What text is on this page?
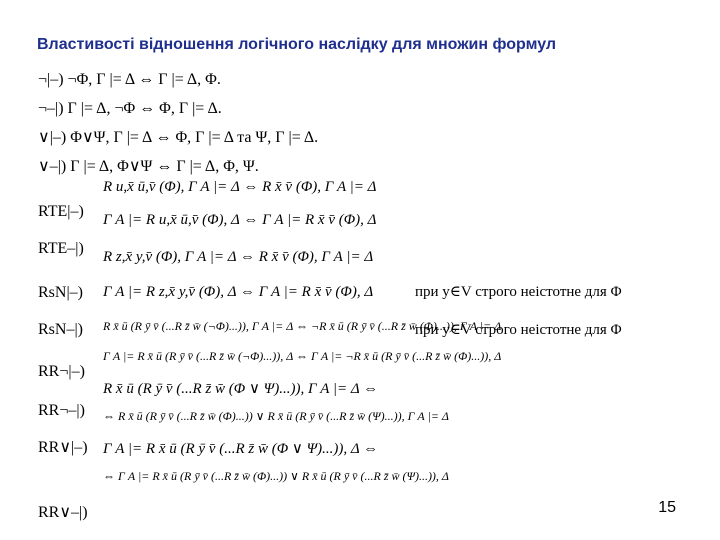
Властивості відношення логічного наслідку для множин формул
¬|–) ¬Φ, Γ |= Δ ⇔ Γ |= Δ, Φ.
¬–|) Γ |= Δ, ¬Φ ⇔ Φ, Γ |= Δ.
∨|–) Φ∨Ψ, Γ |= Δ ⇔ Φ, Γ |= Δ та Ψ, Γ |= Δ.
∨–|) Γ |= Δ, Φ∨Ψ ⇔ Γ |= Δ, Φ, Ψ.
RTE|–)
RTE–|)
RsN|–)
RsN–|)
RR¬|–)
RR¬–|)
RR∨|–)
RR∨–|)
R u,x̄ ū,v̄ (Φ), Γ A |= Δ ⇔ R x̄ v̄ (Φ), Γ A |= Δ
Γ A |= R u,x̄ ū,v̄ (Φ), Δ ⇔ Γ A |= R x̄ v̄ (Φ), Δ
R z,x̄ y,v̄ (Φ), Γ A |= Δ ⇔ R x̄ v̄ (Φ), Γ A |= Δ
Γ A |= R z,x̄ y,v̄ (Φ), Δ ⇔ Γ A |= R x̄ v̄ (Φ), Δ
R x̄ ū (R ȳ v̄ (...R z̄ w̄ (¬Φ)...)), Γ A |= Δ ⇔ ¬R x̄ ū (R ȳ v̄ (...R z̄ w̄ (Φ)...)), Γ A |= Δ
Γ A |= R x̄ ū (R ȳ v̄ (...R z̄ w̄ (¬Φ)...)), Δ ⇔ Γ A |= ¬R x̄ ū (R ȳ v̄ (...R z̄ w̄ (Φ)...)), Δ
R x̄ ū (R ȳ v̄ (...R z̄ w̄ (Φ ∨ Ψ)...)), Γ A |= Δ ⇔
⇔ R x̄ ū (R ȳ v̄ (...R z̄ w̄ (Φ)...)) ∨ R x̄ ū (R ȳ v̄ (...R z̄ w̄ (Ψ)...)), Γ A |= Δ
Γ A |= R x̄ ū (R ȳ v̄ (...R z̄ w̄ (Φ ∨ Ψ)...)), Δ ⇔
⇔ Γ A |= R x̄ ū (R ȳ v̄ (...R z̄ w̄ (Φ)...)) ∨ R x̄ ū (R ȳ v̄ (...R z̄ w̄ (Ψ)...)), Δ
при y∈V строго неістотне для Φ
при y∈V строго неістотне для Φ
15
